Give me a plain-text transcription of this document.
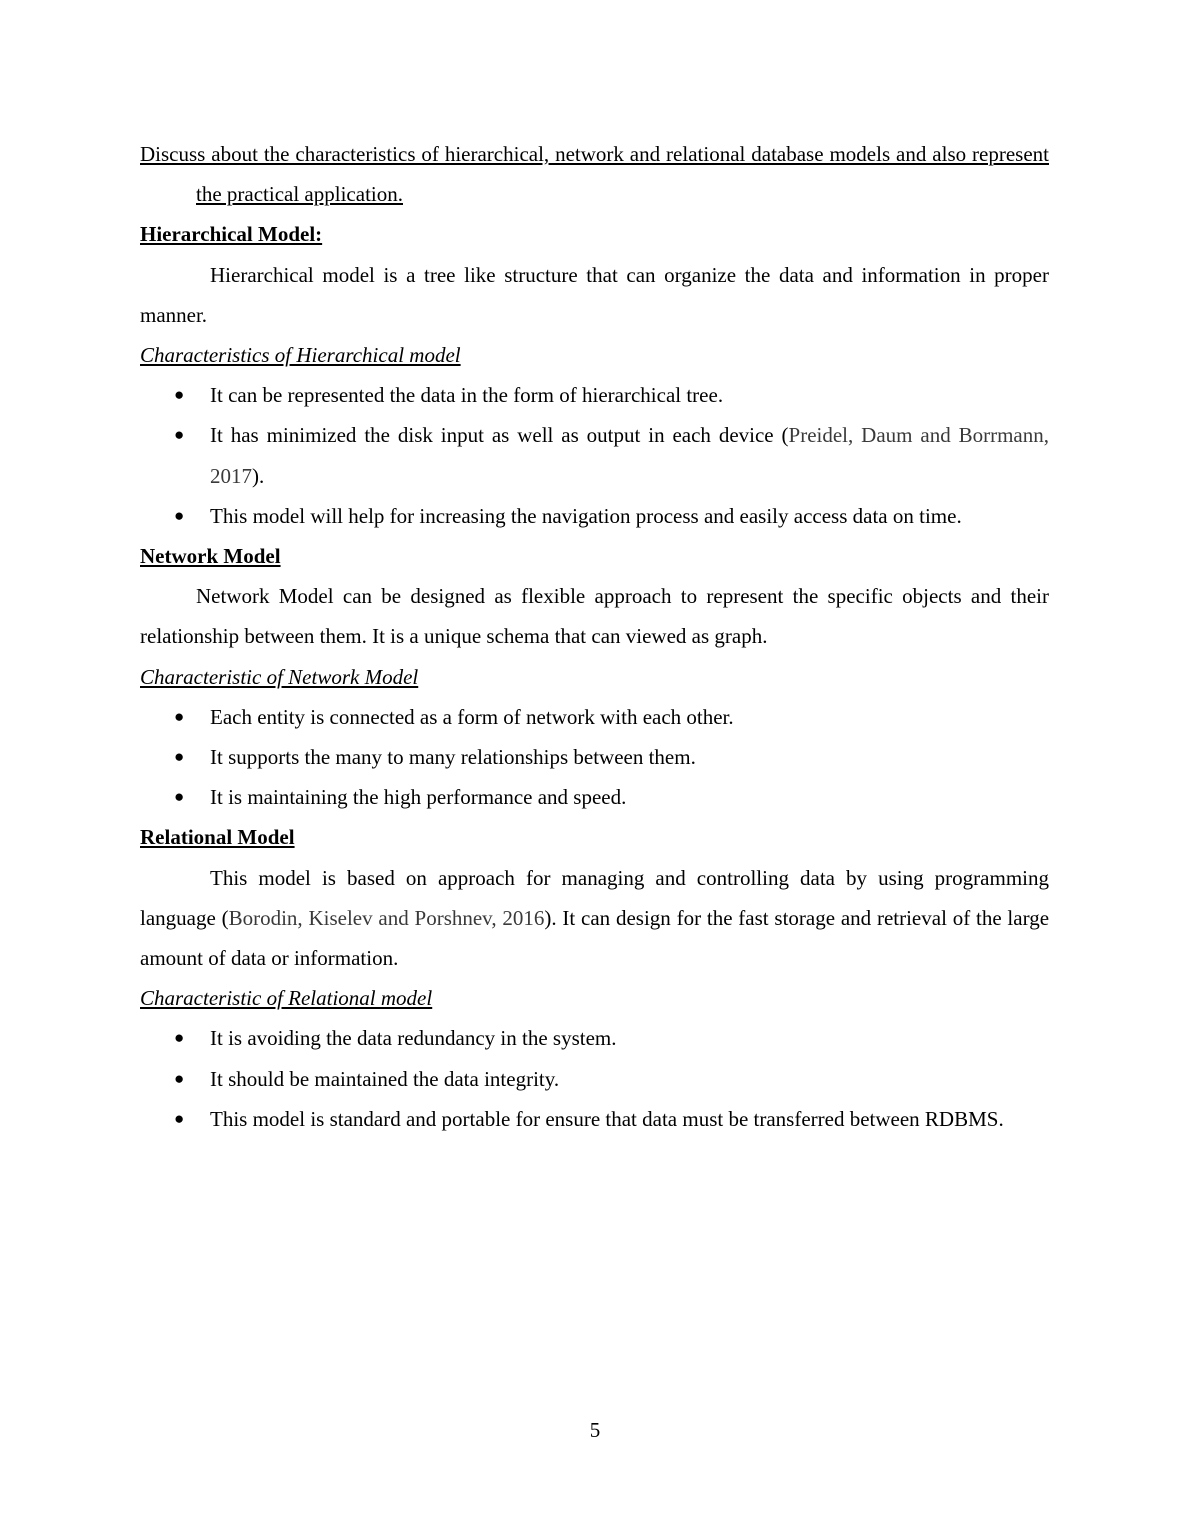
Discuss about the characteristics of hierarchical, network and relational database models and also represent the practical application.

Hierarchical Model:

Hierarchical model is a tree like structure that can organize the data and information in proper manner.

Characteristics of Hierarchical model

● It can be represented the data in the form of hierarchical tree.
● It has minimized the disk input as well as output in each device (Preidel, Daum and Borrmann, 2017).
● This model will help for increasing the navigation process and easily access data on time.

Network Model

Network Model can be designed as flexible approach to represent the specific objects and their relationship between them. It is a unique schema that can viewed as graph.

Characteristic of Network Model

● Each entity is connected as a form of network with each other.
● It supports the many to many relationships between them.
● It is maintaining the high performance and speed.

Relational Model

This model is based on approach for managing and controlling data by using programming language (Borodin, Kiselev and Porshnev, 2016). It can design for the fast storage and retrieval of the large amount of data or information.

Characteristic of Relational model

● It is avoiding the data redundancy in the system.
● It should be maintained the data integrity.
● This model is standard and portable for ensure that data must be transferred between RDBMS.
5
